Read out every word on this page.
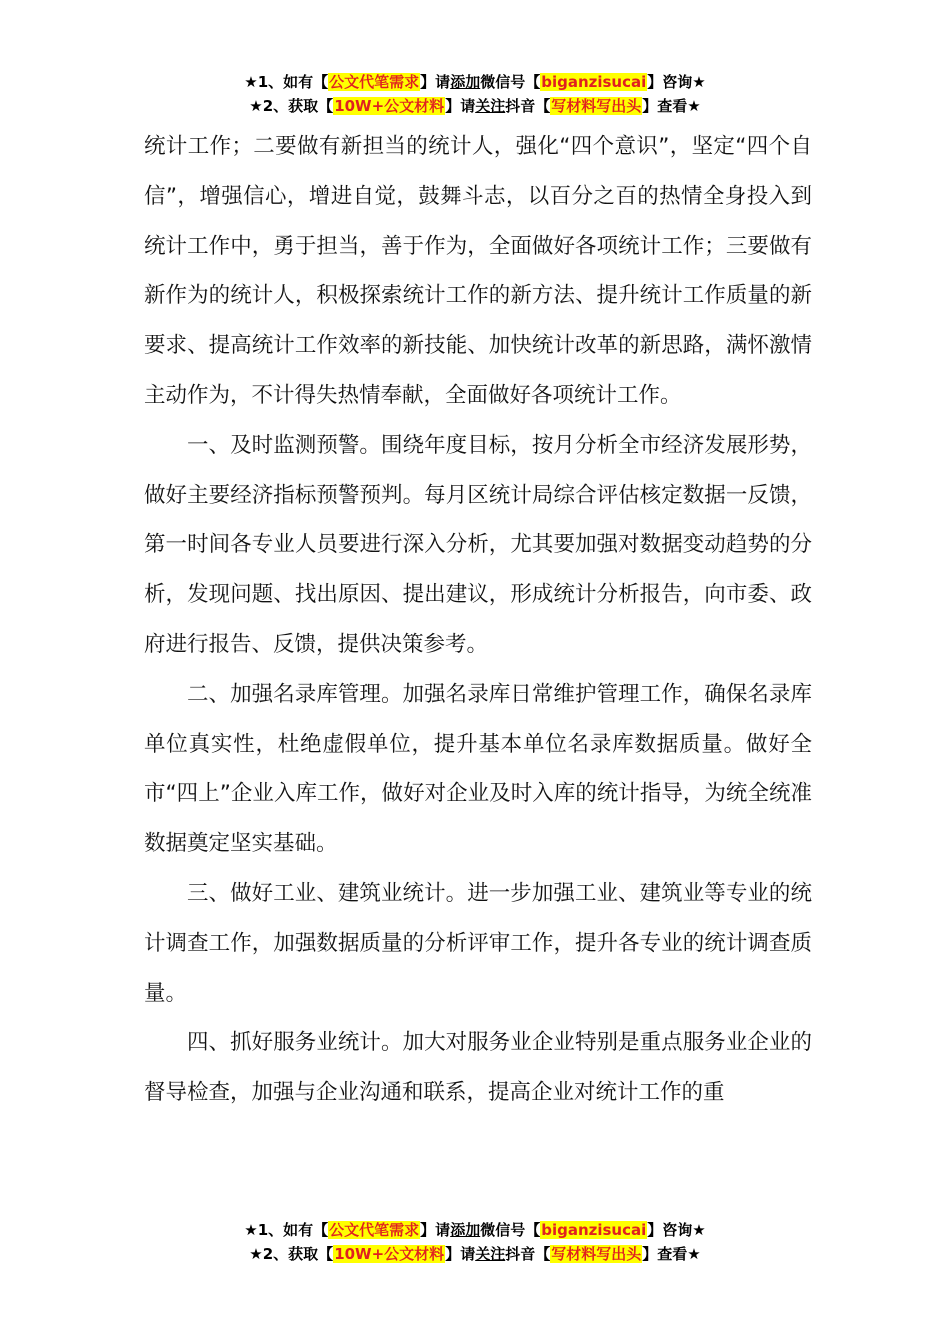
★1、如有【公文代笔需求】请添加微信号【biganzisucai】咨询★
★2、获取【10W+公文材料】请关注抖音【写材料写出头】查看★

统计工作；二要做有新担当的统计人，强化“四个意识”，坚定“四个自信”，增强信心，增进自觉，鼓舞斗志，以百分之百的热情全身投入到统计工作中，勇于担当，善于作为，全面做好各项统计工作；三要做有新作为的统计人，积极探索统计工作的新方法、提升统计工作质量的新要求、提高统计工作效率的新技能、加快统计改革的新思路，满怀激情主动作为，不计得失热情奉献，全面做好各项统计工作。

一、及时监测预警。围绕年度目标，按月分析全市经济发展形势，做好主要经济指标预警预判。每月区统计局综合评估核定数据一反馈，第一时间各专业人员要进行深入分析，尤其要加强对数据变动趋势的分析，发现问题、找出原因、提出建议，形成统计分析报告，向市委、政府进行报告、反馈，提供决策参考。

二、加强名录库管理。加强名录库日常维护管理工作，确保名录库单位真实性，杜绝虚假单位，提升基本单位名录库数据质量。做好全市“四上”企业入库工作，做好对企业及时入库的统计指导，为统全统准数据奠定坚实基础。

三、做好工业、建筑业统计。进一步加强工业、建筑业等专业的统计调查工作，加强数据质量的分析评审工作，提升各专业的统计调查质量。

四、抓好服务业统计。加大对服务业企业特别是重点服务业企业的督导检查，加强与企业沟通和联系，提高企业对统计工作的重

★1、如有【公文代笔需求】请添加微信号【biganzisucai】咨询★
★2、获取【10W+公文材料】请关注抖音【写材料写出头】查看★
